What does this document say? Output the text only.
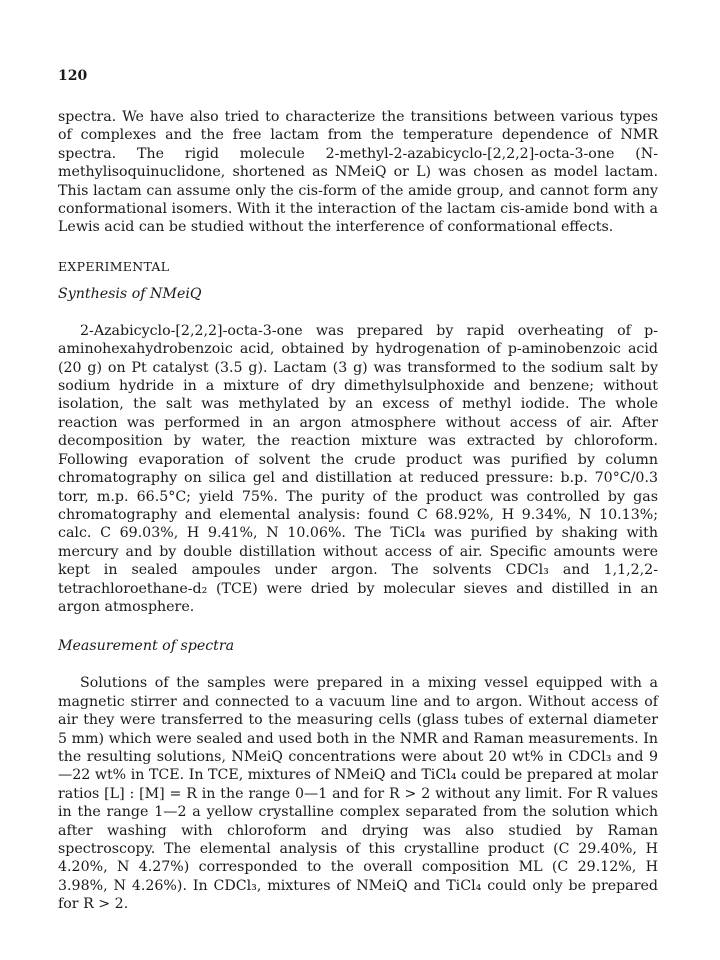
120

spectra. We have also tried to characterize the transitions between various types of complexes and the free lactam from the temperature dependence of NMR spectra. The rigid molecule 2-methyl-2-azabicyclo-[2,2,2]-octa-3-one (N-methylisoquinuclidone, shortened as NMeiQ or L) was chosen as model lactam. This lactam can assume only the cis-form of the amide group, and cannot form any conformational isomers. With it the interaction of the lactam cis-amide bond with a Lewis acid can be studied without the interference of conformational effects.

EXPERIMENTAL
Synthesis of NMeiQ

2-Azabicyclo-[2,2,2]-octa-3-one was prepared by rapid overheating of p-aminohexahydrobenzoic acid, obtained by hydrogenation of p-aminobenzoic acid (20 g) on Pt catalyst (3.5 g). Lactam (3 g) was transformed to the sodium salt by sodium hydride in a mixture of dry dimethylsulphoxide and benzene; without isolation, the salt was methylated by an excess of methyl iodide. The whole reaction was performed in an argon atmosphere without access of air. After decomposition by water, the reaction mixture was extracted by chloroform. Following evaporation of solvent the crude product was purified by column chromatography on silica gel and distillation at reduced pressure: b.p. 70°C/0.3 torr, m.p. 66.5°C; yield 75%. The purity of the product was controlled by gas chromatography and elemental analysis: found C 68.92%, H 9.34%, N 10.13%; calc. C 69.03%, H 9.41%, N 10.06%. The TiCl₄ was purified by shaking with mercury and by double distillation without access of air. Specific amounts were kept in sealed ampoules under argon. The solvents CDCl₃ and 1,1,2,2-tetrachloroethane-d₂ (TCE) were dried by molecular sieves and distilled in an argon atmosphere.

Measurement of spectra

Solutions of the samples were prepared in a mixing vessel equipped with a magnetic stirrer and connected to a vacuum line and to argon. Without access of air they were transferred to the measuring cells (glass tubes of external diameter 5 mm) which were sealed and used both in the NMR and Raman measurements. In the resulting solutions, NMeiQ concentrations were about 20 wt% in CDCl₃ and 9—22 wt% in TCE. In TCE, mixtures of NMeiQ and TiCl₄ could be prepared at molar ratios [L] : [M] = R in the range 0—1 and for R > 2 without any limit. For R values in the range 1—2 a yellow crystalline complex separated from the solution which after washing with chloroform and drying was also studied by Raman spectroscopy. The elemental analysis of this crystalline product (C 29.40%, H 4.20%, N 4.27%) corresponded to the overall composition ML (C 29.12%, H 3.98%, N 4.26%). In CDCl₃, mixtures of NMeiQ and TiCl₄ could only be prepared for R > 2.
